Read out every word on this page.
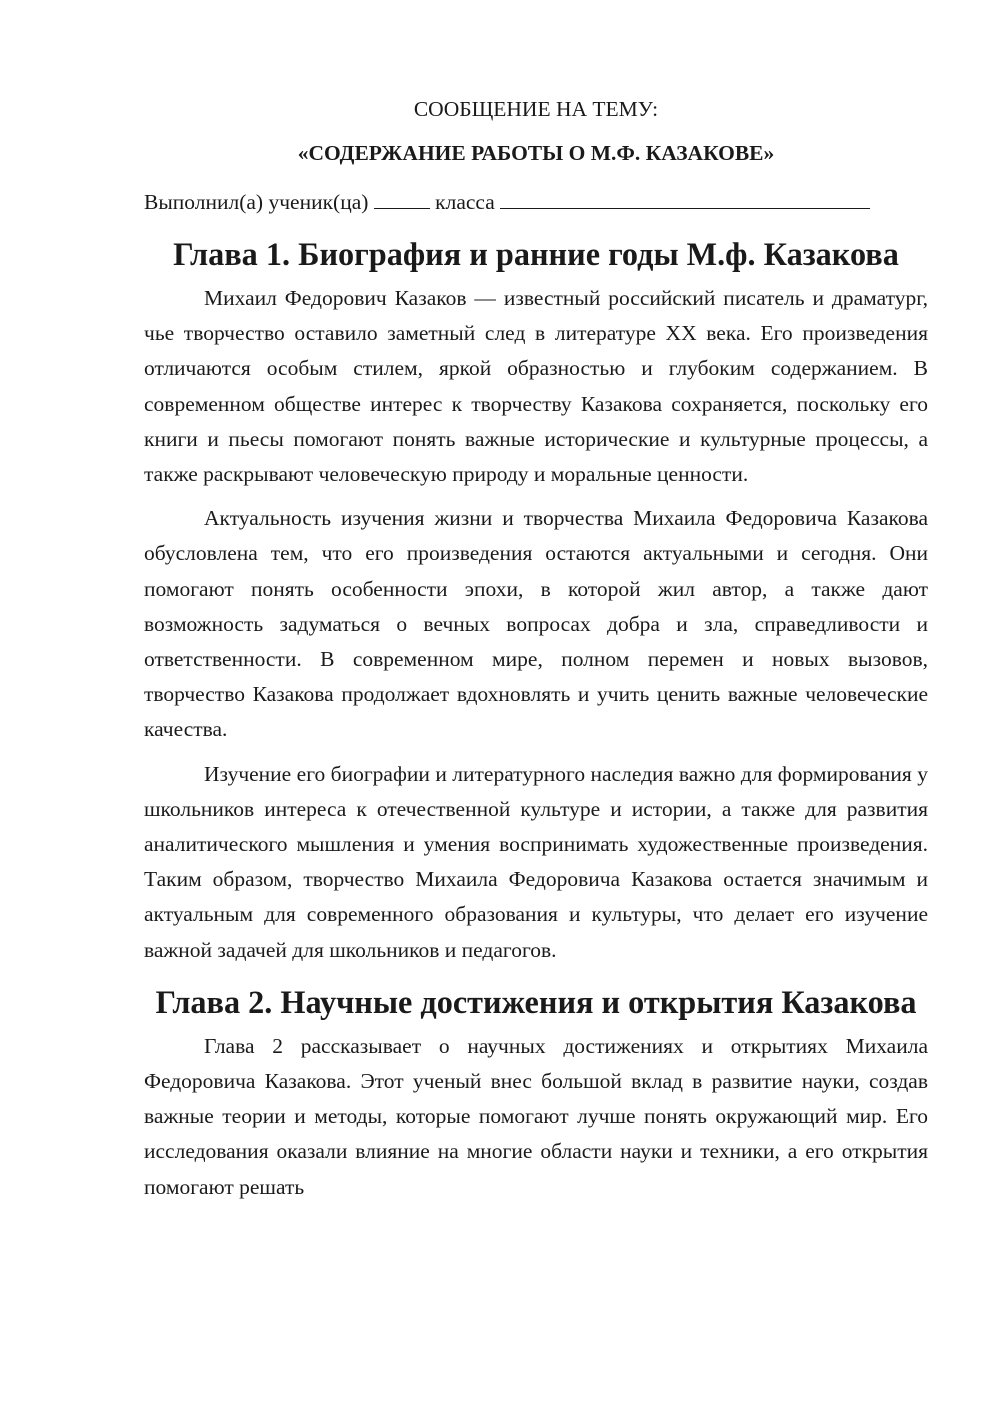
СООБЩЕНИЕ НА ТЕМУ:

«СОДЕРЖАНИЕ РАБОТЫ О М.Ф. КАЗАКОВЕ»

Выполнил(а) ученик(ца)	класса

Глава 1. Биография и ранние годы М.ф. Казакова

Михаил Федорович Казаков — известный российский писатель и драматург, чье творчество оставило заметный след в литературе XX века. Его произведения отличаются особым стилем, яркой образностью и глубоким содержанием. В современном обществе интерес к творчеству Казакова сохраняется, поскольку его книги и пьесы помогают понять важные исторические и культурные процессы, а также раскрывают человеческую природу и моральные ценности.

Актуальность изучения жизни и творчества Михаила Федоровича Казакова обусловлена тем, что его произведения остаются актуальными и сегодня. Они помогают понять особенности эпохи, в которой жил автор, а также дают возможность задуматься о вечных вопросах добра и зла, справедливости и ответственности. В современном мире, полном перемен и новых вызовов, творчество Казакова продолжает вдохновлять и учить ценить важные человеческие качества.

Изучение его биографии и литературного наследия важно для формирования у школьников интереса к отечественной культуре и истории, а также для развития аналитического мышления и умения воспринимать художественные произведения. Таким образом, творчество Михаила Федоровича Казакова остается значимым и актуальным для современного образования и культуры, что делает его изучение важной задачей для школьников и педагогов.

Глава 2. Научные достижения и открытия Казакова

Глава 2 рассказывает о научных достижениях и открытиях Михаила Федоровича Казакова. Этот ученый внес большой вклад в развитие науки, создав важные теории и методы, которые помогают лучше понять окружающий мир. Его исследования оказали влияние на многие области науки и техники, а его открытия помогают решать
